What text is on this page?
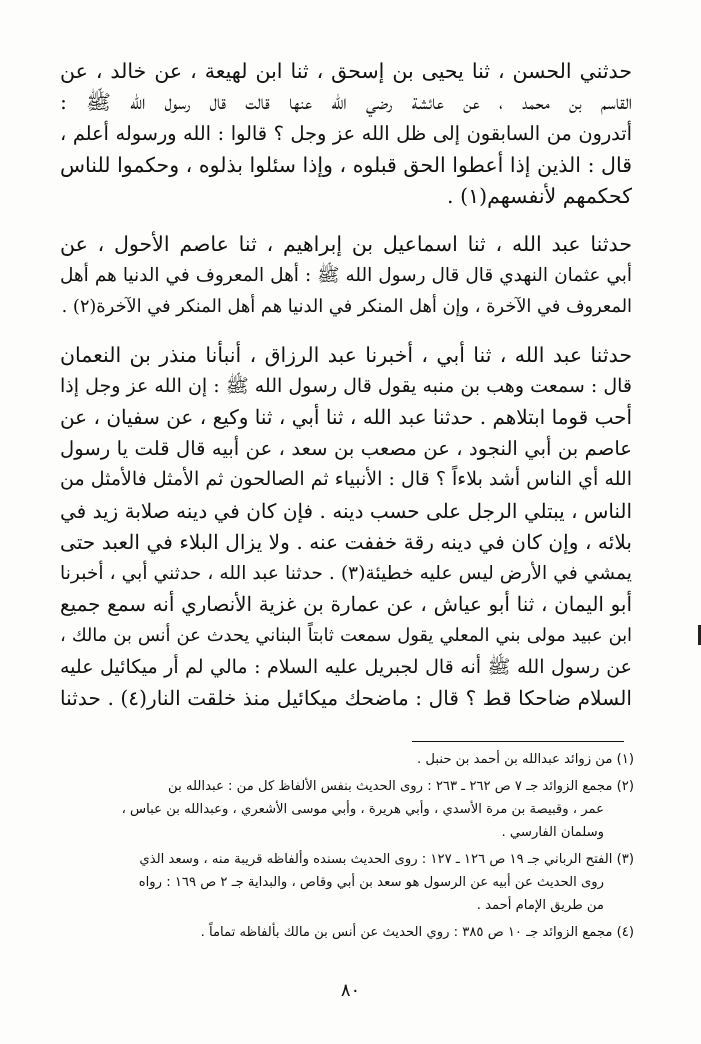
حدثني الحسن ، ثنا يحيى بن إسحق ، ثنا ابن لهيعة ، عن خالد ، عن
القاسم بن محمد ، عن عائشة رضي الله عنها قالت قال رسول الله ﷺ :
أتدرون من السابقون إلى ظل الله عز وجل ؟ قالوا : الله ورسوله أعلم ،
قال : الذين إذا أعطوا الحق قبلوه ، وإذا سئلوا بذلوه ، وحكموا للناس
كحكمهم لأنفسهم(١) .

حدثنا عبد الله ، ثنا اسماعيل بن إبراهيم ، ثنا عاصم الأحول ، عن
أبي عثمان النهدي قال قال رسول الله ﷺ : أهل المعروف في الدنيا هم أهل
المعروف في الآخرة ، وإن أهل المنكر في الدنيا هم أهل المنكر في الآخرة(٢) .

حدثنا عبد الله ، ثنا أبي ، أخبرنا عبد الرزاق ، أنبأنا منذر بن النعمان
قال : سمعت وهب بن منبه يقول قال رسول الله ﷺ : إن الله عز وجل إذا
أحب قوما ابتلاهم . حدثنا عبد الله ، ثنا أبي ، ثنا وكيع ، عن سفيان ، عن
عاصم بن أبي النجود ، عن مصعب بن سعد ، عن أبيه قال قلت يا رسول
الله أي الناس أشد بلاءاً ؟ قال : الأنبياء ثم الصالحون ثم الأمثل فالأمثل من
الناس ، يبتلي الرجل على حسب دينه . فإن كان في دينه صلابة زيد في
بلائه ، وإن كان في دينه رقة خففت عنه . ولا يزال البلاء في العبد حتى
يمشي في الأرض ليس عليه خطيئة(٣) . حدثنا عبد الله ، حدثني أبي ، أخبرنا
أبو اليمان ، ثنا أبو عياش ، عن عمارة بن غزية الأنصاري أنه سمع جميع
ابن عبيد مولى بني المعلي يقول سمعت ثابتاً البناني يحدث عن أنس بن مالك ،
عن رسول الله ﷺ أنه قال لجبريل عليه السلام : مالي لم أر ميكائيل عليه
السلام ضاحكا قط ؟ قال : ماضحك ميكائيل منذ خلقت النار(٤) . حدثنا

(١) من زوائد عبدالله بن أحمد بن حنبل .

(٢) مجمع الزوائد جـ ٧ ص ٢٦٢ ـ ٢٦٣ : روى الحديث بنفس الألفاظ كل من : عبدالله بن
عمر ، وقبيصة بن مرة الأسدي ، وأبي هريرة ، وأبي موسى الأشعري ، وعبدالله بن عباس ،
وسلمان الفارسي .

(٣) الفتح الرباني جـ ١٩ ص ١٢٦ ـ ١٢٧ : روى الحديث بسنده وألفاظه قريبة منه ، وسعد الذي
روى الحديث عن أبيه عن الرسول هو سعد بن أبي وقاص ، والبداية جـ ٢ ص ١٦٩ : رواه
من طريق الإمام أحمد .

(٤) مجمع الزوائد جـ ١٠ ص ٣٨٥ : روي الحديث عن أنس بن مالك بألفاظه تماماً .

٨٠
